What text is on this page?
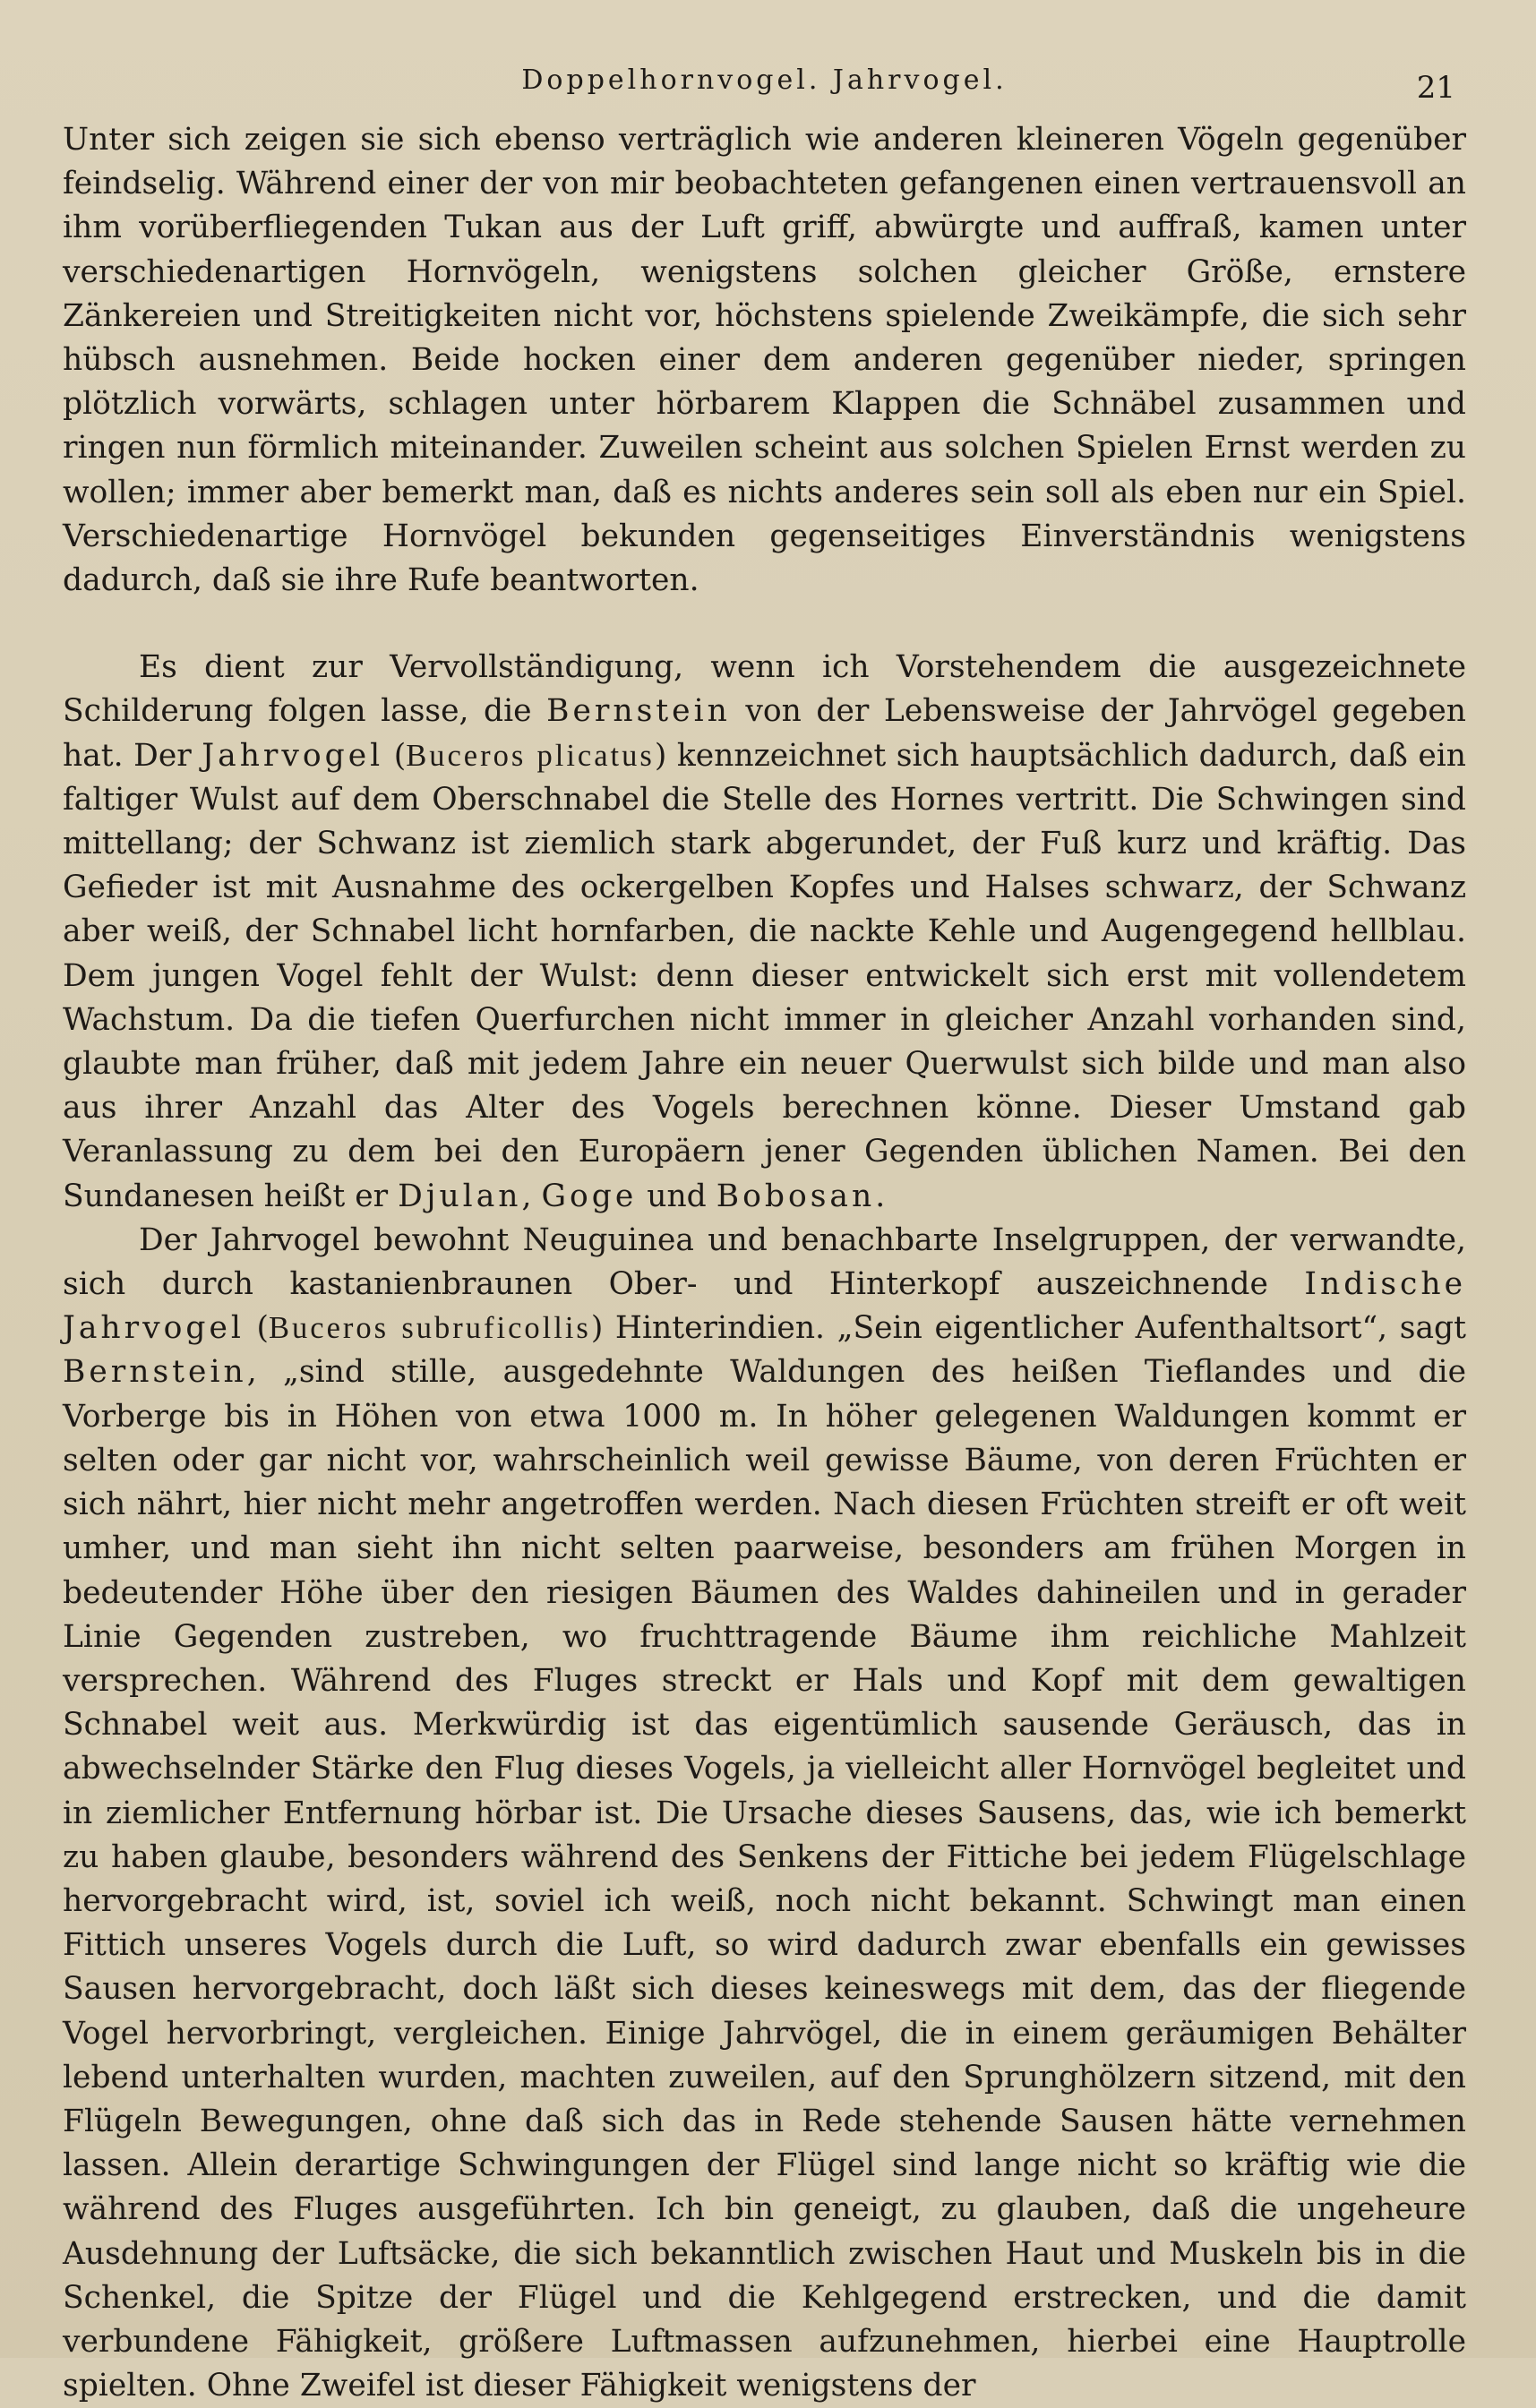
Doppelhornvogel. Jahrvogel.	21

Unter sich zeigen sie sich ebenso verträglich wie anderen kleineren Vögeln gegenüber feindselig. Während einer der von mir beobachteten gefangenen einen vertrauensvoll an ihm vorüberfliegenden Tukan aus der Luft griff, abwürgte und auffraß, kamen unter verschiedenartigen Hornvögeln, wenigstens solchen gleicher Größe, ernstere Zänkereien und Streitigkeiten nicht vor, höchstens spielende Zweikämpfe, die sich sehr hübsch ausnehmen. Beide hocken einer dem anderen gegenüber nieder, springen plötzlich vorwärts, schlagen unter hörbarem Klappen die Schnäbel zusammen und ringen nun förmlich miteinander. Zuweilen scheint aus solchen Spielen Ernst werden zu wollen; immer aber bemerkt man, daß es nichts anderes sein soll als eben nur ein Spiel. Verschiedenartige Hornvögel bekunden gegenseitiges Einverständnis wenigstens dadurch, daß sie ihre Rufe beantworten.

Es dient zur Vervollständigung, wenn ich Vorstehendem die ausgezeichnete Schilderung folgen lasse, die Bernstein von der Lebensweise der Jahrvögel gegeben hat. Der Jahrvogel (Buceros plicatus) kennzeichnet sich hauptsächlich dadurch, daß ein faltiger Wulst auf dem Oberschnabel die Stelle des Hornes vertritt. Die Schwingen sind mittellang; der Schwanz ist ziemlich stark abgerundet, der Fuß kurz und kräftig. Das Gefieder ist mit Ausnahme des ockergelben Kopfes und Halses schwarz, der Schwanz aber weiß, der Schnabel licht hornfarben, die nackte Kehle und Augengegend hellblau. Dem jungen Vogel fehlt der Wulst: denn dieser entwickelt sich erst mit vollendetem Wachstum. Da die tiefen Querfurchen nicht immer in gleicher Anzahl vorhanden sind, glaubte man früher, daß mit jedem Jahre ein neuer Querwulst sich bilde und man also aus ihrer Anzahl das Alter des Vogels berechnen könne. Dieser Umstand gab Veranlassung zu dem bei den Europäern jener Gegenden üblichen Namen. Bei den Sundanesen heißt er Djulan, Goge und Bobosan.

Der Jahrvogel bewohnt Neuguinea und benachbarte Inselgruppen, der verwandte, sich durch kastanienbraunen Ober- und Hinterkopf auszeichnende Indische Jahrvogel (Buceros subruficollis) Hinterindien. „Sein eigentlicher Aufenthaltsort“, sagt Bernstein, „sind stille, ausgedehnte Waldungen des heißen Tieflandes und die Vorberge bis in Höhen von etwa 1000 m. In höher gelegenen Waldungen kommt er selten oder gar nicht vor, wahrscheinlich weil gewisse Bäume, von deren Früchten er sich nährt, hier nicht mehr angetroffen werden. Nach diesen Früchten streift er oft weit umher, und man sieht ihn nicht selten paarweise, besonders am frühen Morgen in bedeutender Höhe über den riesigen Bäumen des Waldes dahineilen und in gerader Linie Gegenden zustreben, wo fruchttragende Bäume ihm reichliche Mahlzeit versprechen. Während des Fluges streckt er Hals und Kopf mit dem gewaltigen Schnabel weit aus. Merkwürdig ist das eigentümlich sausende Geräusch, das in abwechselnder Stärke den Flug dieses Vogels, ja vielleicht aller Hornvögel begleitet und in ziemlicher Entfernung hörbar ist. Die Ursache dieses Sausens, das, wie ich bemerkt zu haben glaube, besonders während des Senkens der Fittiche bei jedem Flügelschlage hervorgebracht wird, ist, soviel ich weiß, noch nicht bekannt. Schwingt man einen Fittich unseres Vogels durch die Luft, so wird dadurch zwar ebenfalls ein gewisses Sausen hervorgebracht, doch läßt sich dieses keineswegs mit dem, das der fliegende Vogel hervorbringt, vergleichen. Einige Jahrvögel, die in einem geräumigen Behälter lebend unterhalten wurden, machten zuweilen, auf den Sprunghölzern sitzend, mit den Flügeln Bewegungen, ohne daß sich das in Rede stehende Sausen hätte vernehmen lassen. Allein derartige Schwingungen der Flügel sind lange nicht so kräftig wie die während des Fluges ausgeführten. Ich bin geneigt, zu glauben, daß die ungeheure Ausdehnung der Luftsäcke, die sich bekanntlich zwischen Haut und Muskeln bis in die Schenkel, die Spitze der Flügel und die Kehlgegend erstrecken, und die damit verbundene Fähigkeit, größere Luftmassen aufzunehmen, hierbei eine Hauptrolle spielten. Ohne Zweifel ist dieser Fähigkeit wenigstens der
